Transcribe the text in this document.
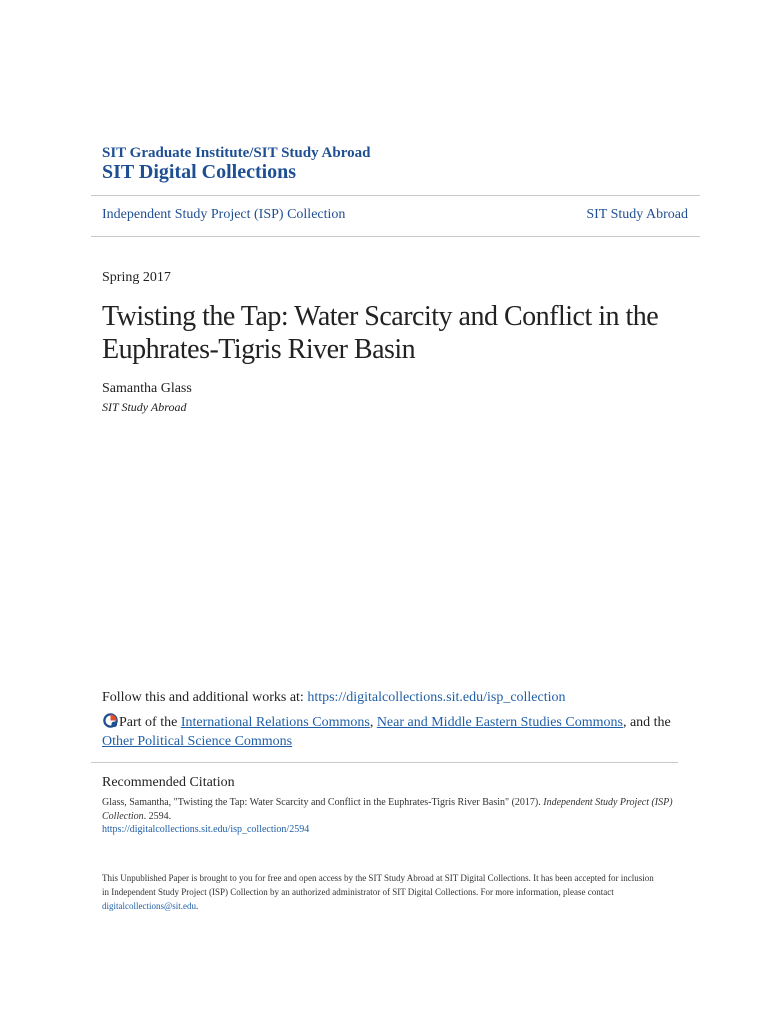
SIT Graduate Institute/SIT Study Abroad
SIT Digital Collections
Independent Study Project (ISP) Collection	SIT Study Abroad
Spring 2017
Twisting the Tap: Water Scarcity and Conflict in the Euphrates-Tigris River Basin
Samantha Glass
SIT Study Abroad
Follow this and additional works at: https://digitalcollections.sit.edu/isp_collection
Part of the International Relations Commons, Near and Middle Eastern Studies Commons, and the Other Political Science Commons
Recommended Citation
Glass, Samantha, "Twisting the Tap: Water Scarcity and Conflict in the Euphrates-Tigris River Basin" (2017). Independent Study Project (ISP) Collection. 2594.
https://digitalcollections.sit.edu/isp_collection/2594
This Unpublished Paper is brought to you for free and open access by the SIT Study Abroad at SIT Digital Collections. It has been accepted for inclusion in Independent Study Project (ISP) Collection by an authorized administrator of SIT Digital Collections. For more information, please contact digitalcollections@sit.edu.
